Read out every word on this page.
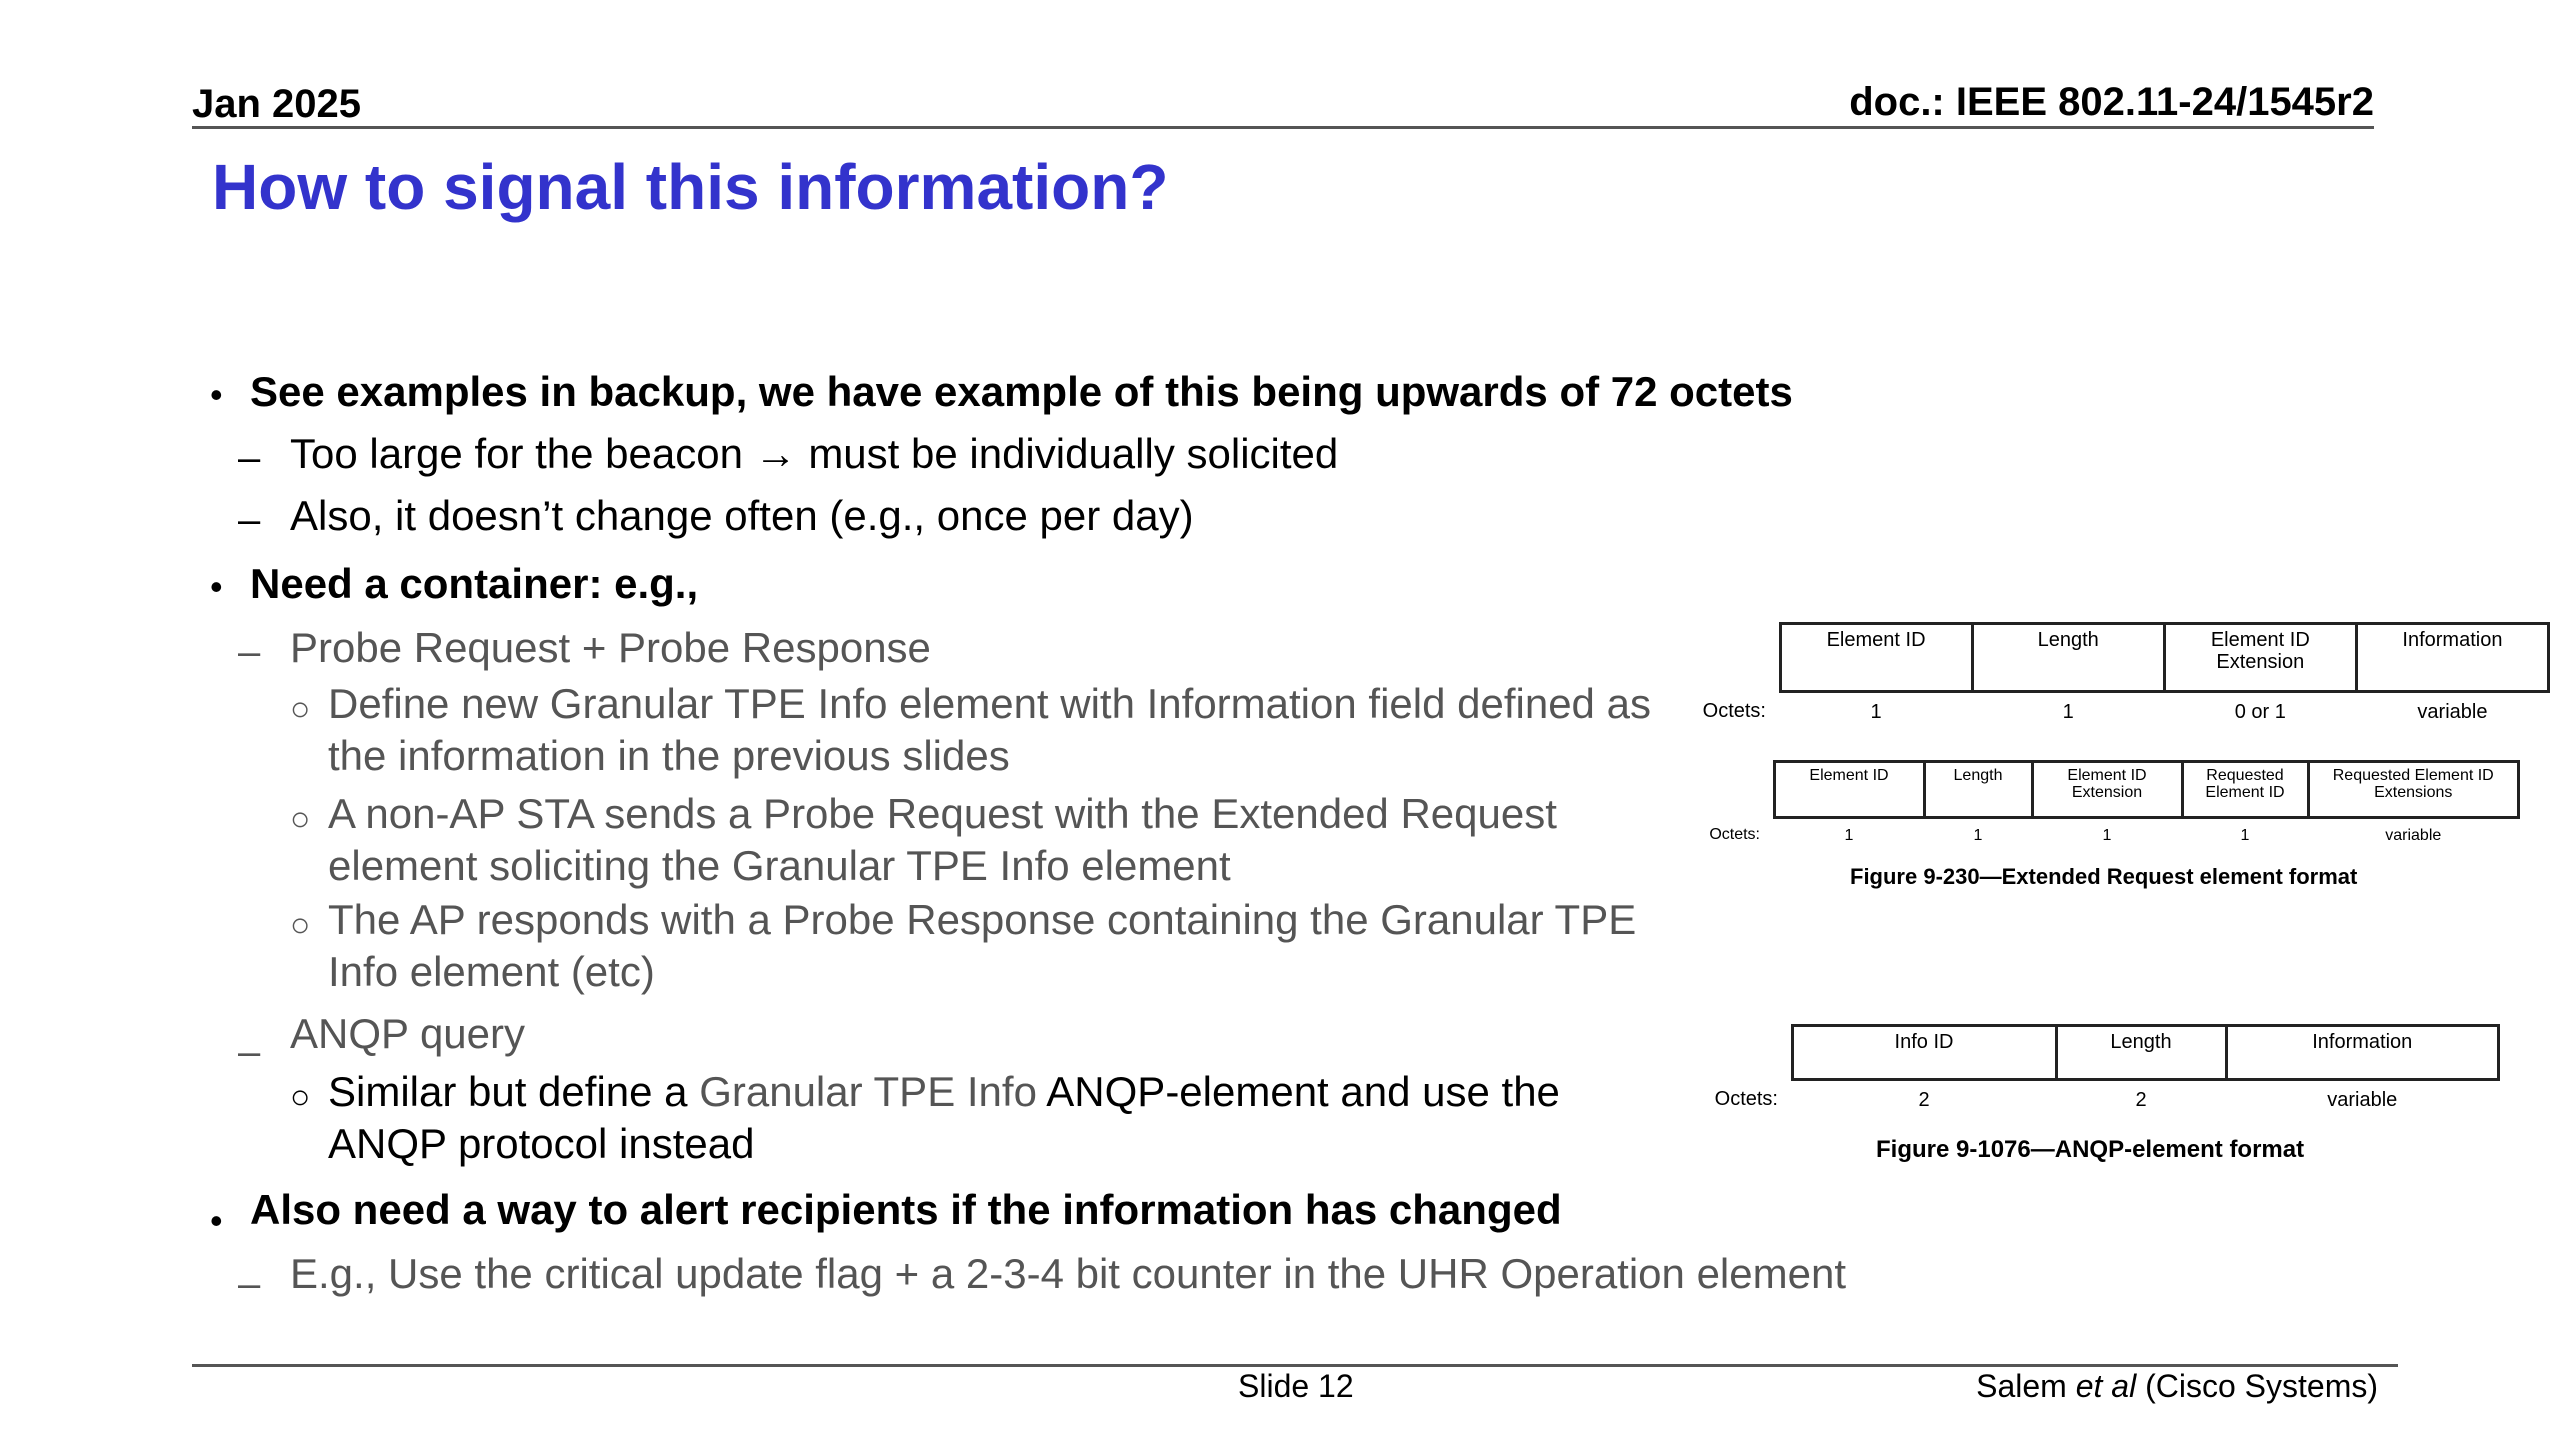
Jan 2025	doc.: IEEE 802.11-24/1545r2
How to signal this information?
• See examples in backup, we have example of this being upwards of 72 octets
– Too large for the beacon → must be individually solicited
– Also, it doesn’t change often (e.g., once per day)
• Need a container: e.g.,
– Probe Request + Probe Response
○ Define new Granular TPE Info element with Information field defined as the information in the previous slides
○ A non-AP STA sends a Probe Request with the Extended Request element soliciting the Granular TPE Info element
○ The AP responds with a Probe Response containing the Granular TPE Info element (etc)
– ANQP query
○ Similar but define a Granular TPE Info ANQP-element and use the ANQP protocol instead
• Also need a way to alert recipients if the information has changed
– E.g., Use the critical update flag + a 2-3-4 bit counter in the UHR Operation element
	Element ID	Length	Element ID Extension	Information
Octets:	1	1	0 or 1	variable
	Element ID	Length	Element ID Extension	Requested Element ID	Requested Element ID Extensions
Octets:	1	1	1	1	variable
Figure 9-230—Extended Request element format
	Info ID	Length	Information
Octets:	2	2	variable
Figure 9-1076—ANQP-element format
Slide 12	Salem et al (Cisco Systems)
